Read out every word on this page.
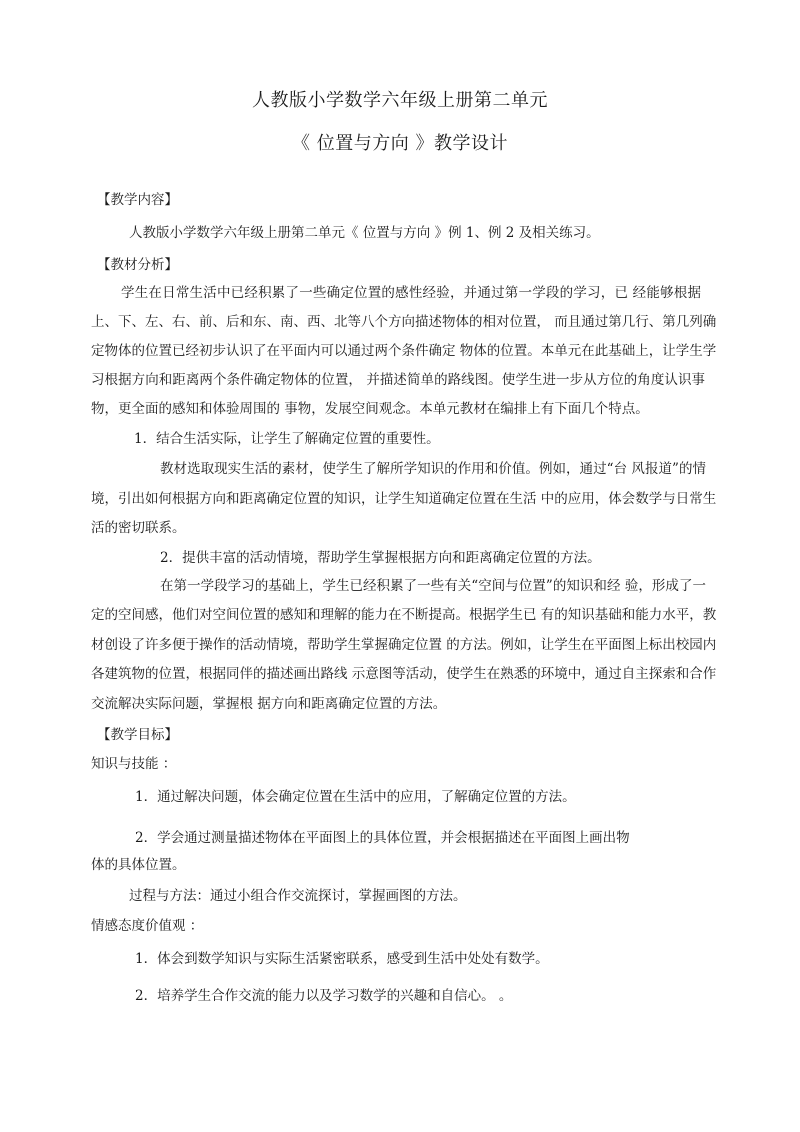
人教版小学数学六年级上册第二单元
《 位置与方向 》教学设计
【教学内容】
人教版小学数学六年级上册第二单元《 位置与方向 》例 1、例 2 及相关练习。
【教材分析】
学生在日常生活中已经积累了一些确定位置的感性经验，并通过第一学段的学习，已 经能够根据
上、下、左、右、前、后和东、南、西、北等八个方向描述物体的相对位置， 而且通过第几行、第几列确
定物体的位置已经初步认识了在平面内可以通过两个条件确定 物体的位置。本单元在此基础上，让学生学
习根据方向和距离两个条件确定物体的位置， 并描述简单的路线图。使学生进一步从方位的角度认识事
物，更全面的感知和体验周围的 事物，发展空间观念。本单元教材在编排上有下面几个特点。
1．结合生活实际，让学生了解确定位置的重要性。
教材选取现实生活的素材，使学生了解所学知识的作用和价值。例如，通过“台 风报道”的情
境，引出如何根据方向和距离确定位置的知识，让学生知道确定位置在生活 中的应用，体会数学与日常生
活的密切联系。
2．提供丰富的活动情境，帮助学生掌握根据方向和距离确定位置的方法。
在第一学段学习的基础上，学生已经积累了一些有关“空间与位置”的知识和经 验，形成了一
定的空间感，他们对空间位置的感知和理解的能力在不断提高。根据学生已 有的知识基础和能力水平，教
材创设了许多便于操作的活动情境，帮助学生掌握确定位置 的方法。例如，让学生在平面图上标出校园内
各建筑物的位置，根据同伴的描述画出路线 示意图等活动，使学生在熟悉的环境中，通过自主探索和合作
交流解决实际问题，掌握根 据方向和距离确定位置的方法。
【教学目标】
知识与技能 ：
1．通过解决问题，体会确定位置在生活中的应用，了解确定位置的方法。
2．学会通过测量描述物体在平面图上的具体位置，并会根据描述在平面图上画出物
体的具体位置。
过程与方法：通过小组合作交流探讨，掌握画图的方法。
情感态度价值观 ：
1．体会到数学知识与实际生活紧密联系，感受到生活中处处有数学。
2．培养学生合作交流的能力以及学习数学的兴趣和自信心。 。
